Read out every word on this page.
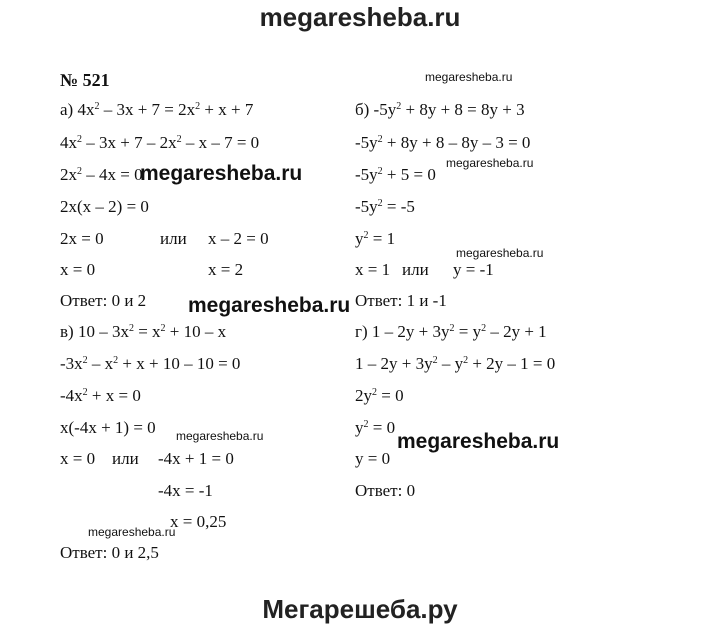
megaresheba.ru
Мегарешеба.ру
№ 521
а) $4x^2 - 3x + 7 = 2x^2 + x + 7$
$4x^2 - 3x + 7 - 2x^2 - x - 7 = 0$
$2x^2 - 4x = 0$
2x(x – 2) = 0
2x = 0	или x – 2 = 0
x = 0	x = 2
Ответ: 0 и 2
б) $-5y^2 + 8y + 8 = 8y + 3$
$-5y^2 + 8y + 8 - 8y - 3 = 0$
$-5y^2 + 5 = 0$
$-5y^2 = -5$
$y^2 = 1$
x = 1 или y = -1
Ответ: 1 и -1
в) $10 - 3x^2 = x^2 + 10 - x$
$-3x^2 - x^2 + x + 10 - 10 = 0$
$-4x^2 + x = 0$
x(-4x + 1) = 0
x = 0 или -4x + 1 = 0
-4x = -1
x = 0,25
Ответ: 0 и 2,5
г) $1 - 2y + 3y^2 = y^2 - 2y + 1$
$1 - 2y + 3y^2 - y^2 + 2y - 1 = 0$
$2y^2 = 0$
$y^2 = 0$
y = 0
Ответ: 0
megaresheba.ru
megaresheba.ru	megaresheba.ru
megaresheba.ru
megaresheba.ru
megaresheba.ru	megaresheba.ru
megaresheba.ru
